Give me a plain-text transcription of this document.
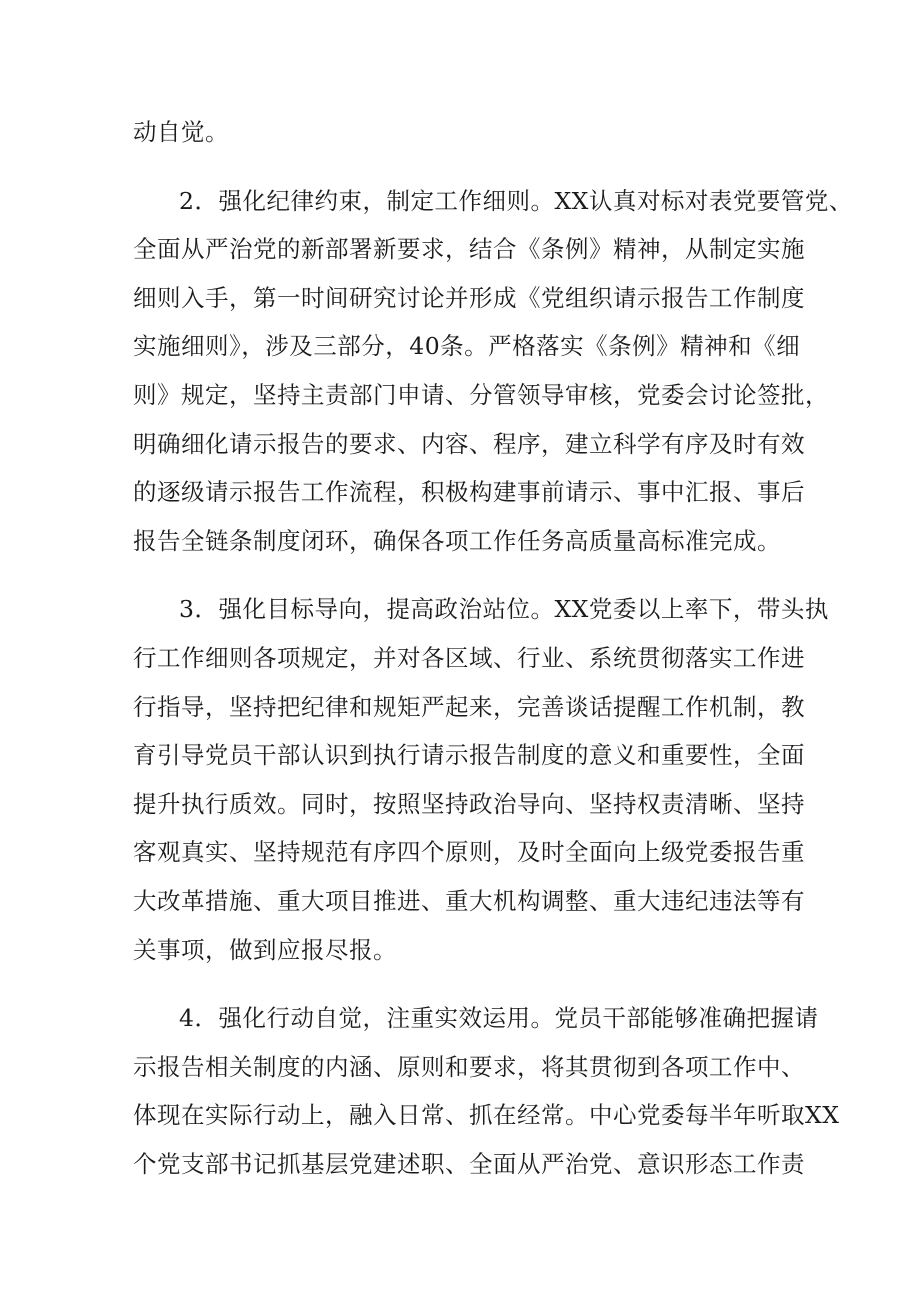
动自觉。
2．强化纪律约束，制定工作细则。XX认真对标对表党要管党、
全面从严治党的新部署新要求，结合《条例》精神，从制定实施
细则入手，第一时间研究讨论并形成《党组织请示报告工作制度
实施细则》，涉及三部分，40条。严格落实《条例》精神和《细
则》规定，坚持主责部门申请、分管领导审核，党委会讨论签批，
明确细化请示报告的要求、内容、程序，建立科学有序及时有效
的逐级请示报告工作流程，积极构建事前请示、事中汇报、事后
报告全链条制度闭环，确保各项工作任务高质量高标准完成。
3．强化目标导向，提高政治站位。XX党委以上率下，带头执
行工作细则各项规定，并对各区域、行业、系统贯彻落实工作进
行指导，坚持把纪律和规矩严起来，完善谈话提醒工作机制，教
育引导党员干部认识到执行请示报告制度的意义和重要性，全面
提升执行质效。同时，按照坚持政治导向、坚持权责清晰、坚持
客观真实、坚持规范有序四个原则，及时全面向上级党委报告重
大改革措施、重大项目推进、重大机构调整、重大违纪违法等有
关事项，做到应报尽报。
4．强化行动自觉，注重实效运用。党员干部能够准确把握请
示报告相关制度的内涵、原则和要求，将其贯彻到各项工作中、
体现在实际行动上，融入日常、抓在经常。中心党委每半年听取XX
个党支部书记抓基层党建述职、全面从严治党、意识形态工作责
